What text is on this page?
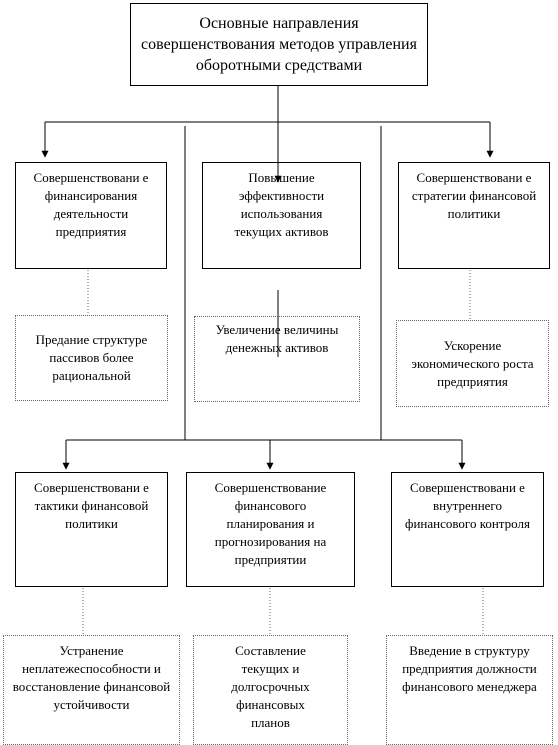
Основные направления совершенствования методов управления оборотными средствами
Совершенствовани е финансирования деятельности предприятия
Повышение эффективности использования текущих активов
Совершенствовани е стратегии финансовой политики
Предание структуре пассивов более рациональной
Увеличение величины денежных активов	Ускорение экономического роста предприятия
Совершенствовани е тактики финансовой политики
Совершенствование финансового планирования и прогнозирования на предприятии
Совершенствовани е внутреннего финансового контроля
Устранение неплатежеспособности и восстановление финансовой устойчивости
Составление текущих и долгосрочных финансовых планов
Введение в структуру предприятия должности финансового менеджера
